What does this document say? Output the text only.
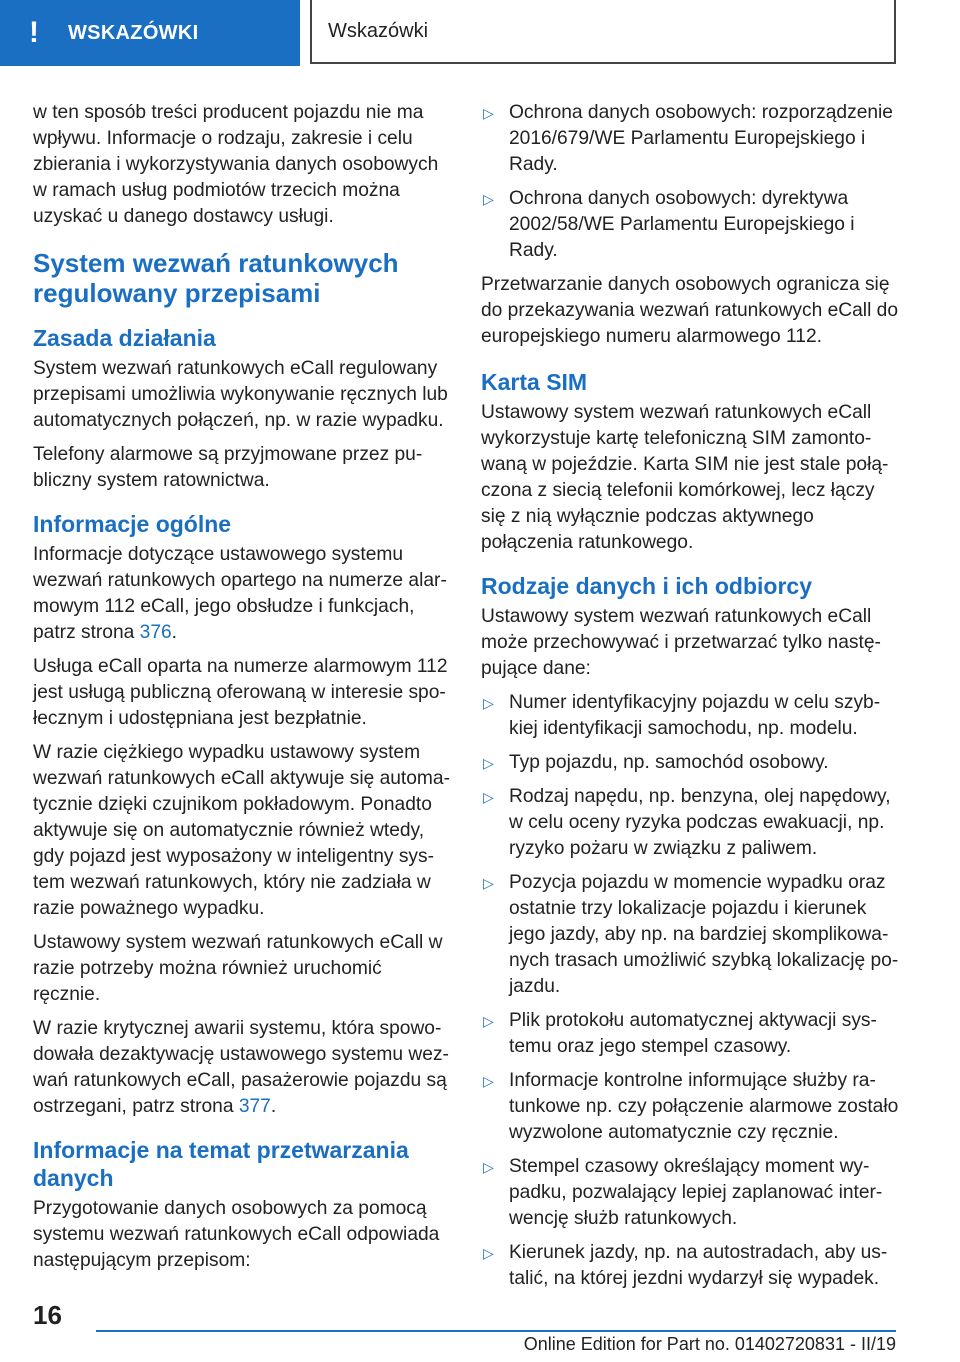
!	WSKAZÓWKI	Wskazówki

w ten sposób treści producent pojazdu nie ma wpływu. Informacje o rodzaju, zakresie i celu zbierania i wykorzystywania danych osobowych w ramach usług podmiotów trzecich można uzyskać u danego dostawcy usługi.

System wezwań ratunkowych regulowany przepisami
Zasada działania

System wezwań ratunkowych eCall regulowany przepisami umożliwia wykonywanie ręcznych lub automatycznych połączeń, np. w razie wypadku.

Telefony alarmowe są przyjmowane przez publiczny system ratownictwa.

Informacje ogólne

Informacje dotyczące ustawowego systemu wezwań ratunkowych opartego na numerze alarmowym 112 eCall, jego obsłudze i funkcjach, patrz strona 376.

Usługa eCall oparta na numerze alarmowym 112 jest usługą publiczną oferowaną w interesie społecznym i udostępniana jest bezpłatnie.

W razie ciężkiego wypadku ustawowy system wezwań ratunkowych eCall aktywuje się automatycznie dzięki czujnikom pokładowym. Ponadto aktywuje się on automatycznie również wtedy, gdy pojazd jest wyposażony w inteligentny system wezwań ratunkowych, który nie zadziała w razie poważnego wypadku.

Ustawowy system wezwań ratunkowych eCall w razie potrzeby można również uruchomić ręcznie.

W razie krytycznej awarii systemu, która spowodowała dezaktywację ustawowego systemu wezwań ratunkowych eCall, pasażerowie pojazdu są ostrzegani, patrz strona 377.

Informacje na temat przetwarzania danych

Przygotowanie danych osobowych za pomocą systemu wezwań ratunkowych eCall odpowiada następującym przepisom:

▷ Ochrona danych osobowych: rozporządzenie 2016/679/WE Parlamentu Europejskiego i Rady.
▷ Ochrona danych osobowych: dyrektywa 2002/58/WE Parlamentu Europejskiego i Rady.

Przetwarzanie danych osobowych ogranicza się do przekazywania wezwań ratunkowych eCall do europejskiego numeru alarmowego 112.

Karta SIM

Ustawowy system wezwań ratunkowych eCall wykorzystuje kartę telefoniczną SIM zamontowaną w pojeździe. Karta SIM nie jest stale połączona z siecią telefonii komórkowej, lecz łączy się z nią wyłącznie podczas aktywnego połączenia ratunkowego.

Rodzaje danych i ich odbiorcy

Ustawowy system wezwań ratunkowych eCall może przechowywać i przetwarzać tylko następujące dane:

▷ Numer identyfikacyjny pojazdu w celu szybkiej identyfikacji samochodu, np. modelu.
▷ Typ pojazdu, np. samochód osobowy.
▷ Rodzaj napędu, np. benzyna, olej napędowy, w celu oceny ryzyka podczas ewakuacji, np. ryzyko pożaru w związku z paliwem.
▷ Pozycja pojazdu w momencie wypadku oraz ostatnie trzy lokalizacje pojazdu i kierunek jego jazdy, aby np. na bardziej skomplikowanych trasach umożliwić szybką lokalizację pojazdu.
▷ Plik protokołu automatycznej aktywacji systemu oraz jego stempel czasowy.
▷ Informacje kontrolne informujące służby ratunkowe np. czy połączenie alarmowe zostało wyzwolone automatycznie czy ręcznie.
▷ Stempel czasowy określający moment wypadku, pozwalający lepiej zaplanować interwencję służb ratunkowych.
▷ Kierunek jazdy, np. na autostradach, aby ustalić, na której jezdni wydarzył się wypadek.
16
Online Edition for Part no. 01402720831 - II/19
